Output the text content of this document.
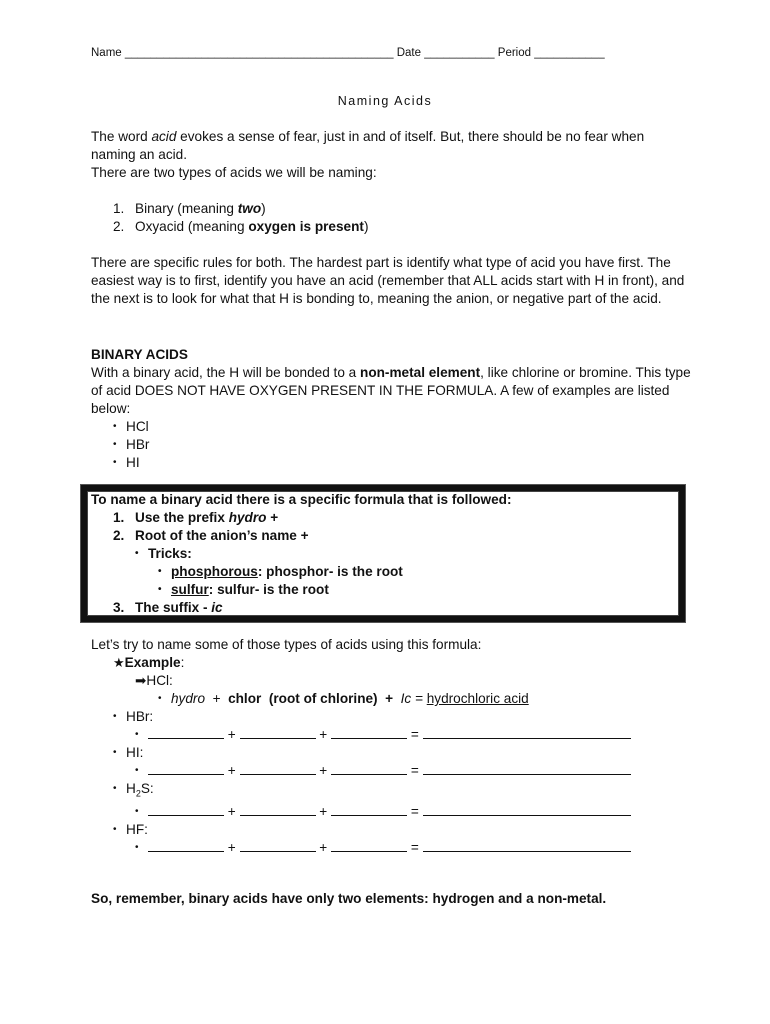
Name __________________________________________ Date ___________ Period ___________
Naming Acids

The word acid evokes a sense of fear, just in and of itself. But, there should be no fear when naming an acid.

There are two types of acids we will be naming:

1. Binary (meaning two)
2. Oxyacid (meaning oxygen is present)

There are specific rules for both. The hardest part is identify what type of acid you have first. The easiest way is to first, identify you have an acid (remember that ALL acids start with H in front), and the next is to look for what that H is bonding to, meaning the anion, or negative part of the acid.

BINARY ACIDS

With a binary acid, the H will be bonded to a non-metal element, like chlorine or bromine. This type of acid DOES NOT HAVE OXYGEN PRESENT IN THE FORMULA. A few of examples are listed below:

• HCl
• HBr
• HI
To name a binary acid there is a specific formula that is followed:
1. Use the prefix hydro +
2. Root of the anion’s name +
• Tricks:
• phosphorous: phosphor- is the root
• sulfur: sulfur- is the root
3. The suffix - ic

Let’s try to name some of those types of acids using this formula:

★Example:
➡HCl:
• hydro  +  chlor  (root of chlorine)  +  Ic = hydrochloric acid
• HBr:
• +	+	=
• HI:
• +	+	=
• $H_2S$:
• +	+	=
• HF:
• +	+	=
So, remember, binary acids have only two elements: hydrogen and a non-metal.
